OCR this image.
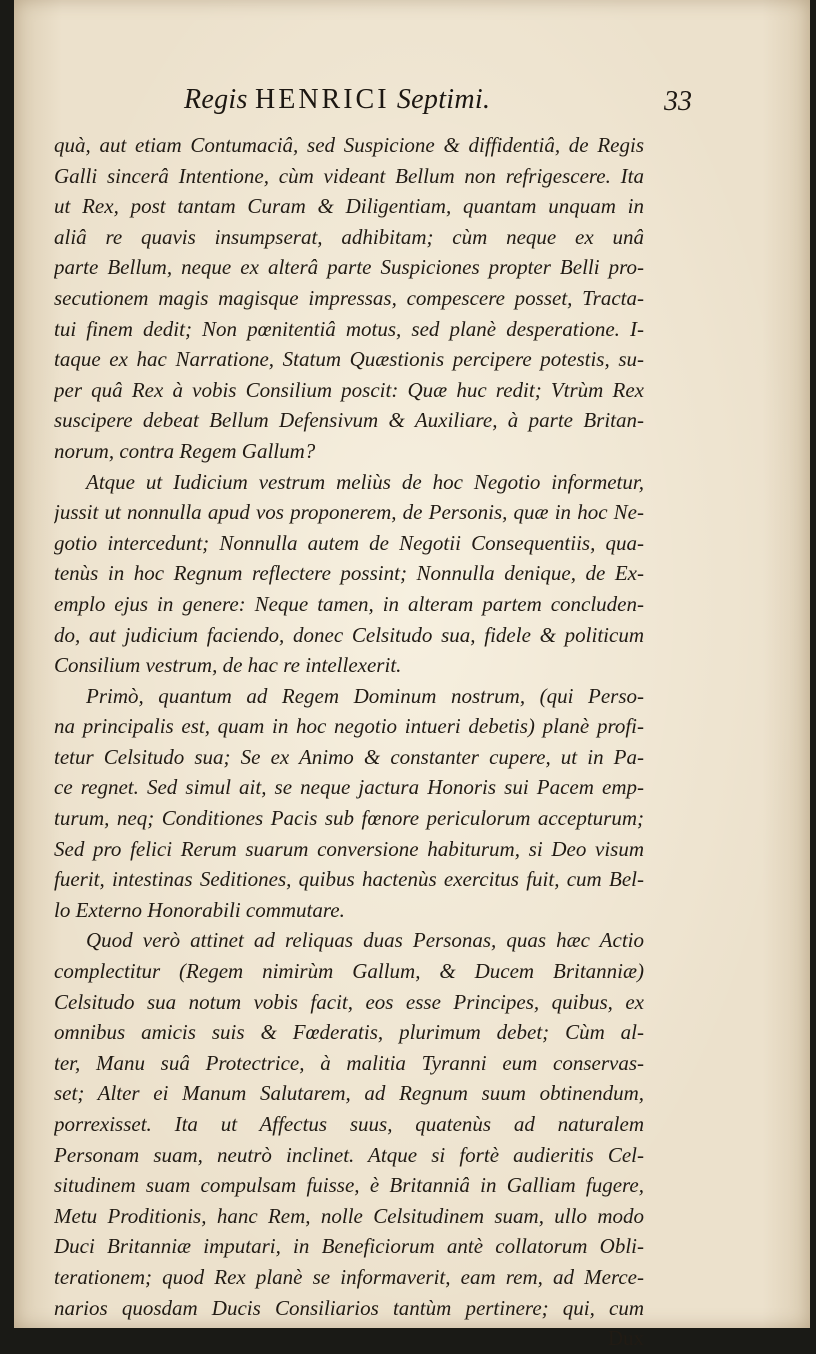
Regis HENRICI Septimi.	33
quà, aut etiam Contumaciâ, sed Suspicione & diffidentiâ, de Regis
Galli sincerâ Intentione, cùm videant Bellum non refrigescere. Ita
ut Rex, post tantam Curam & Diligentiam, quantam unquam in
aliâ re quavis insumpserat, adhibitam; cùm neque ex unâ
parte Bellum, neque ex alterâ parte Suspiciones propter Belli pro-
secutionem magis magisque impressas, compescere posset, Tracta-
tui finem dedit; Non pœnitentiâ motus, sed planè desperatione. I-
taque ex hac Narratione, Statum Quæstionis percipere potestis, su-
per quâ Rex à vobis Consilium poscit: Quæ huc redit; Vtrùm Rex
suscipere debeat Bellum Defensivum & Auxiliare, à parte Britan-
norum, contra Regem Gallum?
Atque ut Iudicium vestrum meliùs de hoc Negotio informetur,
jussit ut nonnulla apud vos proponerem, de Personis, quæ in hoc Ne-
gotio intercedunt; Nonnulla autem de Negotii Consequentiis, qua-
tenùs in hoc Regnum reflectere possint; Nonnulla denique, de Ex-
emplo ejus in genere: Neque tamen, in alteram partem concluden-
do, aut judicium faciendo, donec Celsitudo sua, fidele & politicum
Consilium vestrum, de hac re intellexerit.
Primò, quantum ad Regem Dominum nostrum, (qui Perso-
na principalis est, quam in hoc negotio intueri debetis) planè profi-
tetur Celsitudo sua; Se ex Animo & constanter cupere, ut in Pa-
ce regnet. Sed simul ait, se neque jactura Honoris sui Pacem emp-
turum, neq; Conditiones Pacis sub fœnore periculorum accepturum;
Sed pro felici Rerum suarum conversione habiturum, si Deo visum
fuerit, intestinas Seditiones, quibus hactenùs exercitus fuit, cum Bel-
lo Externo Honorabili commutare.
Quod verò attinet ad reliquas duas Personas, quas hæc Actio
complectitur (Regem nimirùm Gallum, & Ducem Britanniæ)
Celsitudo sua notum vobis facit, eos esse Principes, quibus, ex
omnibus amicis suis & Fœderatis, plurimum debet; Cùm al-
ter, Manu suâ Protectrice, à malitia Tyranni eum conservas-
set; Alter ei Manum Salutarem, ad Regnum suum obtinendum,
porrexisset. Ita ut Affectus suus, quatenùs ad naturalem
Personam suam, neutrò inclinet. Atque si fortè audieritis Cel-
situdinem suam compulsam fuisse, è Britanniâ in Galliam fugere,
Metu Proditionis, hanc Rem, nolle Celsitudinem suam, ullo modo
Duci Britanniæ imputari, in Beneficiorum antè collatorum Obli-
terationem; quod Rex planè se informaverit, eam rem, ad Merce-
narios quosdam Ducis Consiliarios tantùm pertinere; qui, cum
Dux
